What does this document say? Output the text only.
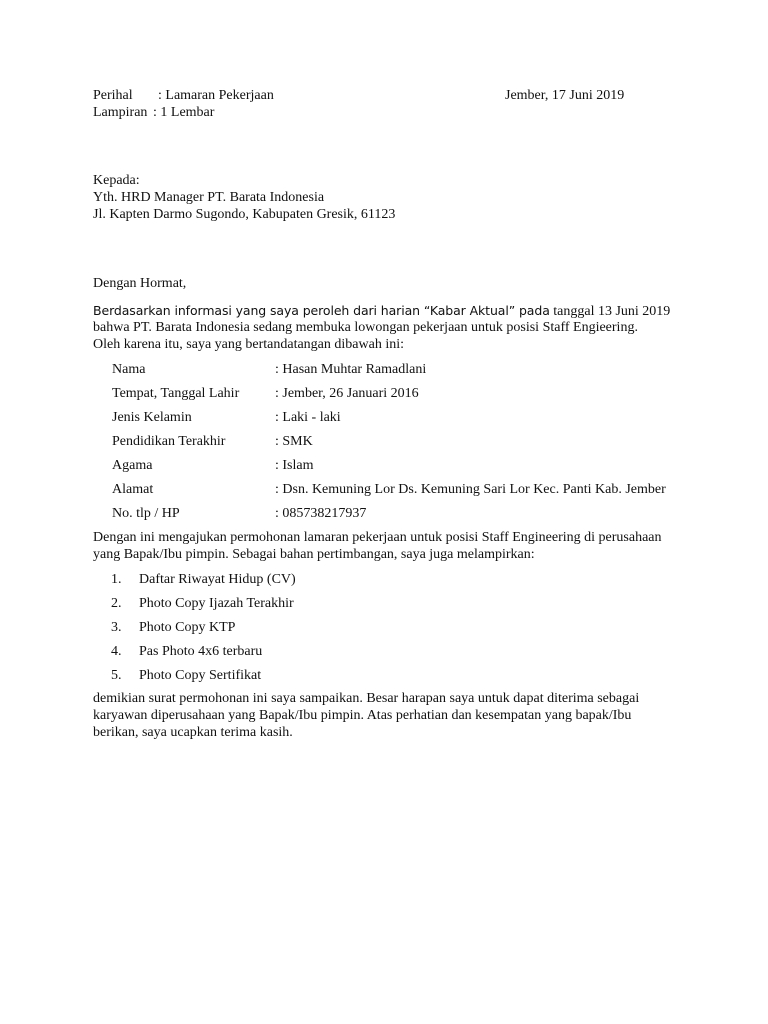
Perihal : Lamaran Pekerjaan	Jember, 17 Juni 2019
Lampiran : 1 Lembar
Kepada:
Yth. HRD Manager PT. Barata Indonesia
Jl. Kapten Darmo Sugondo, Kabupaten Gresik, 61123
Dengan Hormat,
Berdasarkan informasi yang saya peroleh dari harian “Kabar Aktual” pada tanggal 13 Juni 2019
bahwa PT. Barata Indonesia sedang membuka lowongan pekerjaan untuk posisi Staff Engieering.
Oleh karena itu, saya yang bertandatangan dibawah ini:
Nama	: Hasan Muhtar Ramadlani
Tempat, Tanggal Lahir	: Jember, 26 Januari 2016
Jenis Kelamin	: Laki - laki
Pendidikan Terakhir	: SMK
Agama	: Islam
Alamat	: Dsn. Kemuning Lor Ds. Kemuning Sari Lor Kec. Panti Kab. Jember
No. tlp / HP	: 085738217937
Dengan ini mengajukan permohonan lamaran pekerjaan untuk posisi Staff Engineering di perusahaan
yang Bapak/Ibu pimpin. Sebagai bahan pertimbangan, saya juga melampirkan:
1. Daftar Riwayat Hidup (CV)
2. Photo Copy Ijazah Terakhir
3. Photo Copy KTP
4. Pas Photo 4x6 terbaru
5. Photo Copy Sertifikat
demikian surat permohonan ini saya sampaikan. Besar harapan saya untuk dapat diterima sebagai
karyawan diperusahaan yang Bapak/Ibu pimpin. Atas perhatian dan kesempatan yang bapak/Ibu
berikan, saya ucapkan terima kasih.
